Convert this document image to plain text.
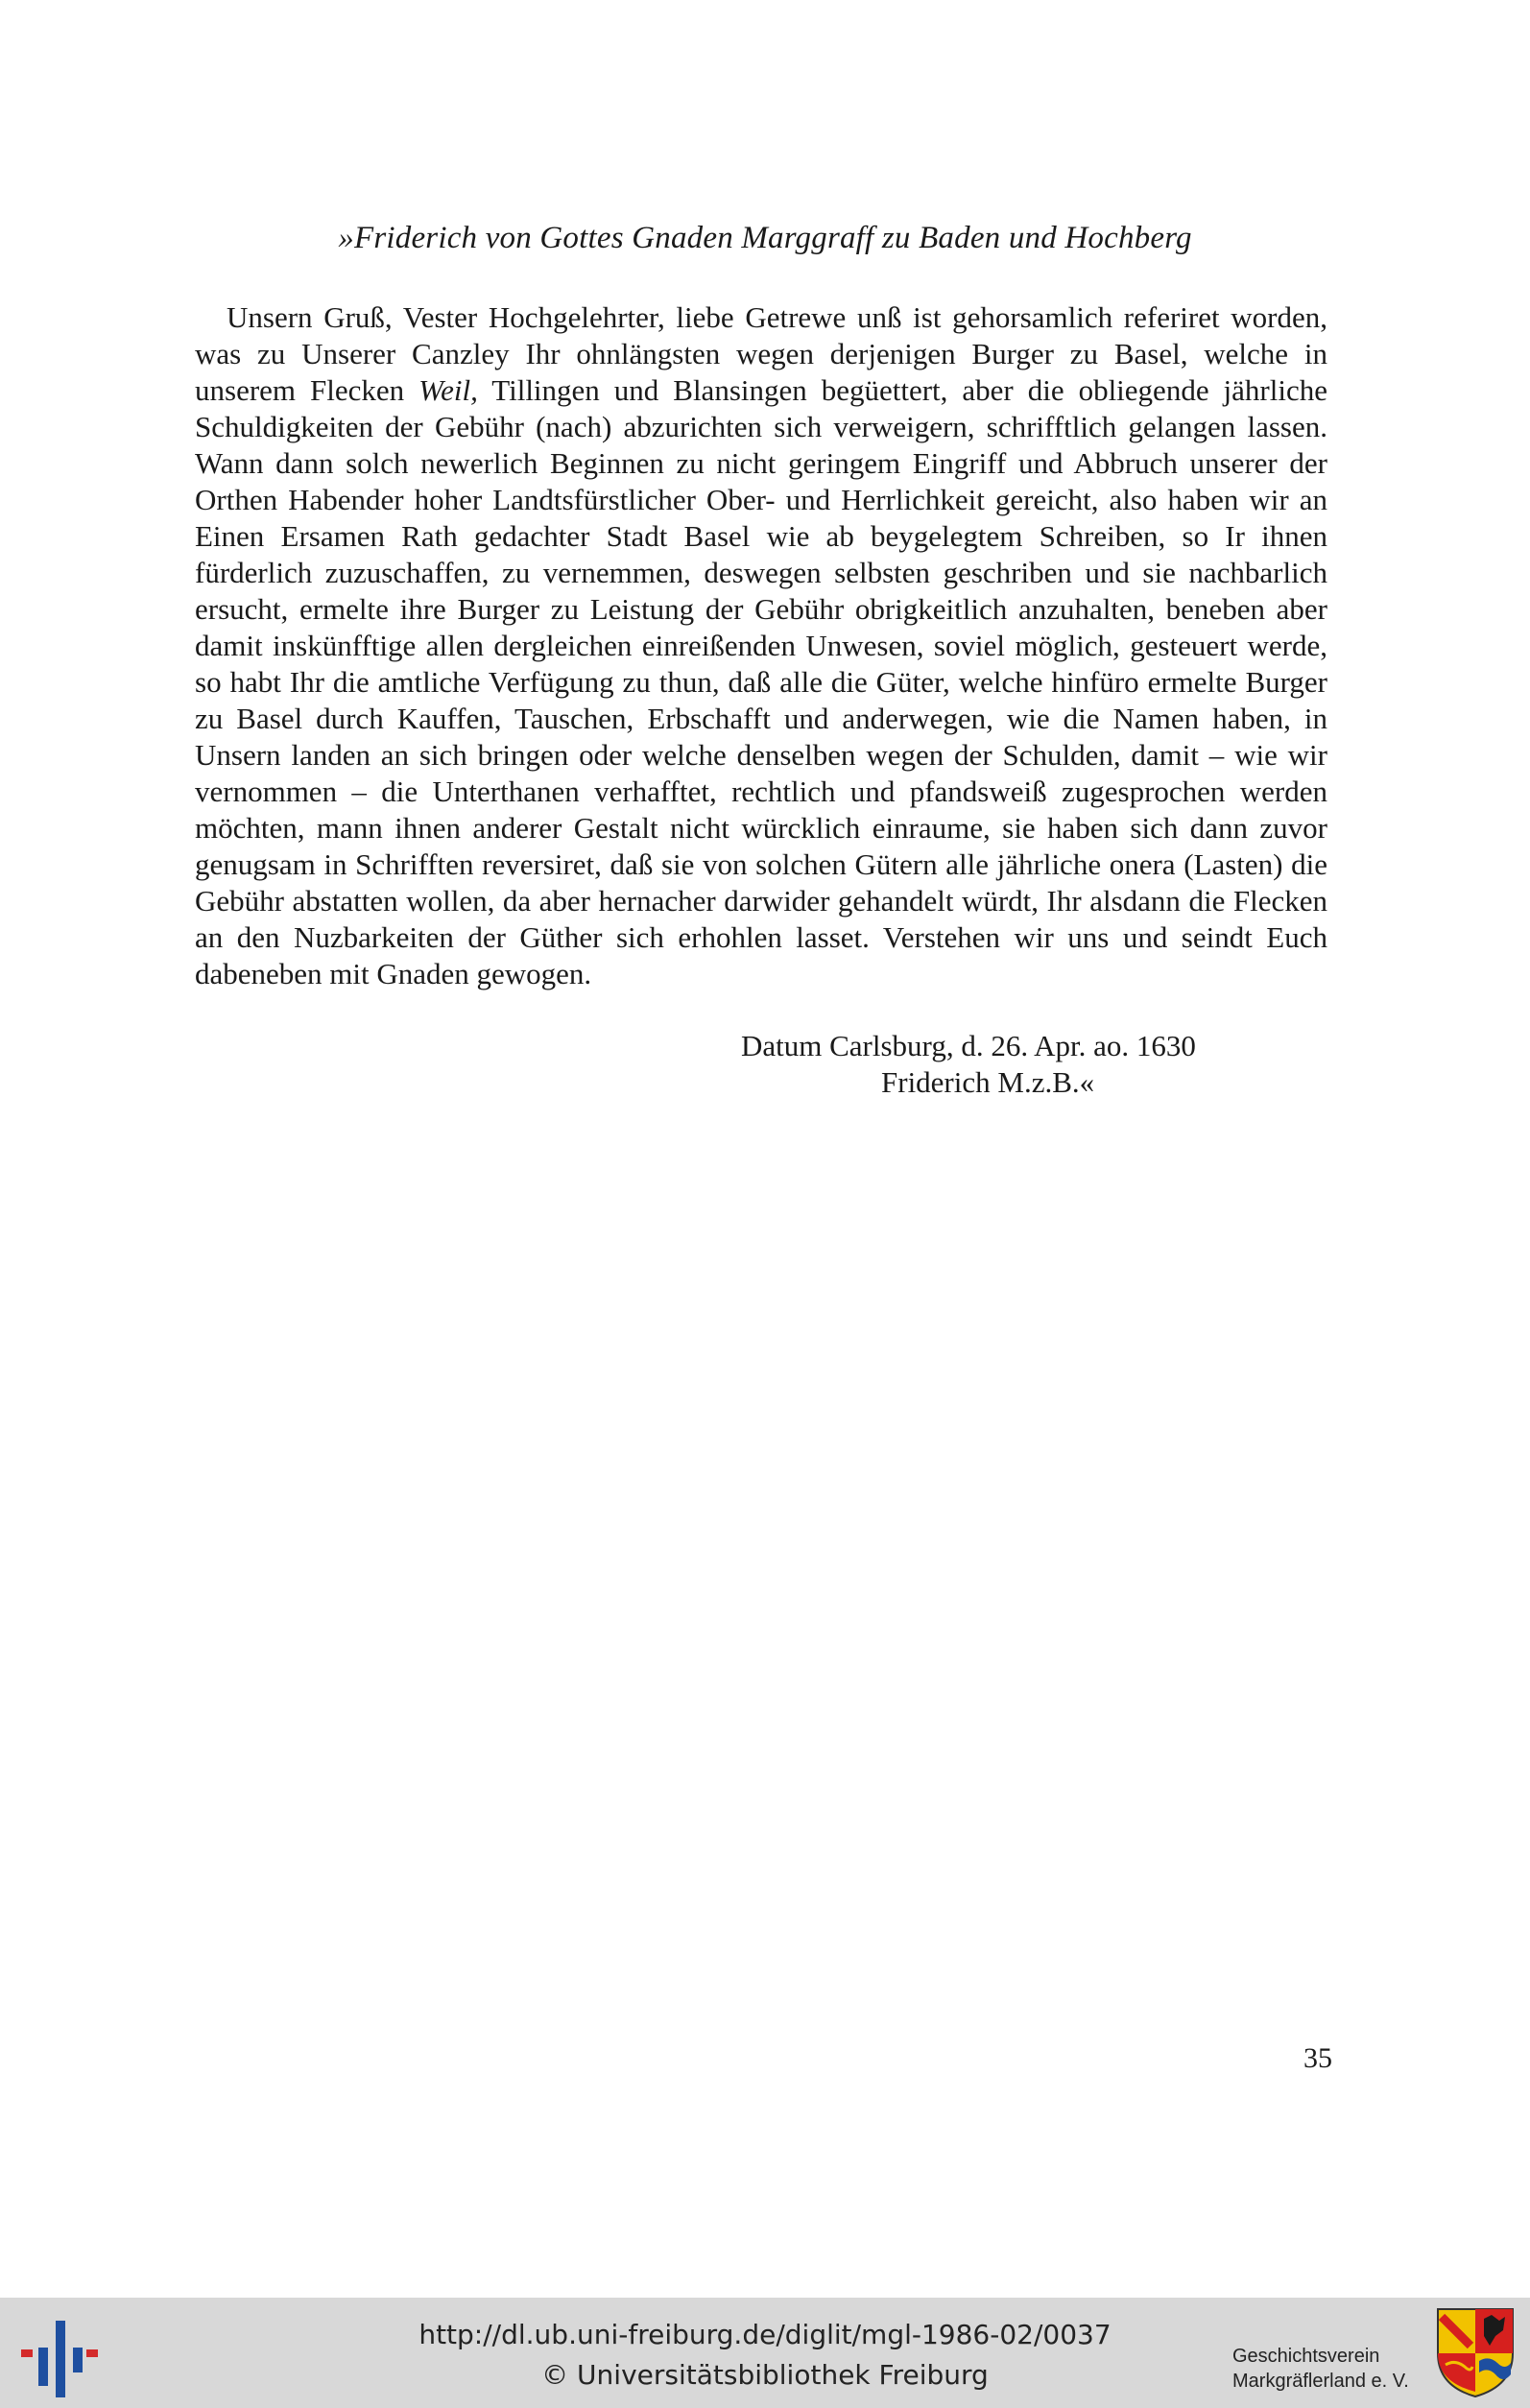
»Friderich von Gottes Gnaden Marggraff zu Baden und Hochberg
Unsern Gruß, Vester Hochgelehrter, liebe Getrewe unß ist gehorsamlich referiret worden, was zu Unserer Canzley Ihr ohnlängsten wegen derjenigen Burger zu Basel, welche in unserem Flecken Weil, Tillingen und Blansingen begüettert, aber die obliegende jährliche Schuldigkeiten der Gebühr (nach) abzurichten sich verweigern, schrifftlich gelangen lassen. Wann dann solch newerlich Beginnen zu nicht geringem Eingriff und Abbruch unserer der Orthen Habender hoher Landtsfürstlicher Ober- und Herrlichkeit gereicht, also haben wir an Einen Ersamen Rath gedachter Stadt Basel wie ab beygelegtem Schreiben, so Ir ihnen fürderlich zuzuschaffen, zu vernemmen, deswegen selbsten geschriben und sie nachbarlich ersucht, ermelte ihre Burger zu Leistung der Gebühr obrigkeitlich anzuhalten, beneben aber damit inskünfftige allen dergleichen einreißenden Unwesen, soviel möglich, gesteuert werde, so habt Ihr die amtliche Verfügung zu thun, daß alle die Güter, welche hinfüro ermelte Burger zu Basel durch Kauffen, Tauschen, Erbschafft und anderwegen, wie die Namen haben, in Unsern landen an sich bringen oder welche denselben wegen der Schulden, damit – wie wir vernommen – die Unterthanen verhafftet, rechtlich und pfandsweiß zugesprochen werden möchten, mann ihnen anderer Gestalt nicht würcklich einraume, sie haben sich dann zuvor genugsam in Schrifften reversiret, daß sie von solchen Gütern alle jährliche onera (Lasten) die Gebühr abstatten wollen, da aber hernacher darwider gehandelt würdt, Ihr alsdann die Flecken an den Nuzbarkeiten der Güther sich erhohlen lasset. Verstehen wir uns und seindt Euch dabeneben mit Gnaden gewogen.
Datum Carlsburg, d. 26. Apr. ao. 1630
Friderich M.z.B.«
35
http://dl.ub.uni-freiburg.de/diglit/mgl-1986-02/0037
© Universitätsbibliothek Freiburg
Geschichtsverein
Markgräflerland e. V.
